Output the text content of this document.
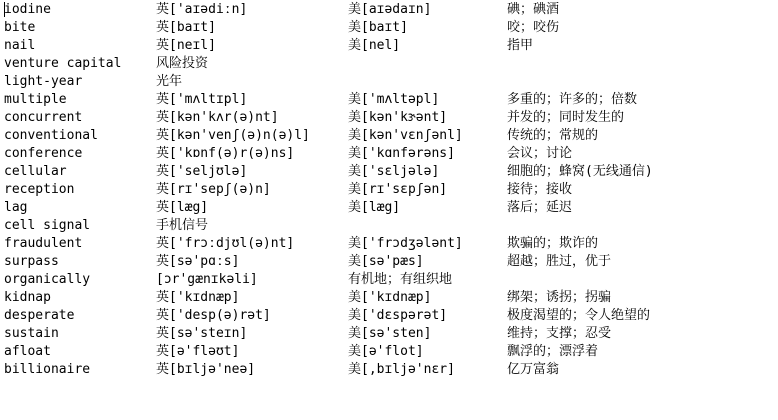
iodine	英['aɪədiːn]	美[aɪədaɪn]	碘；碘酒
bite	英[baɪt]	美[baɪt]	咬；咬伤
nail	英[neɪl]	美[nel]	指甲
venture capital	风险投资
light-year	光年
multiple	英['mʌltɪpl]	美['mʌltəpl]	多重的；许多的；倍数
concurrent	英[kən'kʌr(ə)nt]	美[kən'kɝənt]	并发的；同时发生的
conventional	英[kən'venʃ(ə)n(ə)l]	美[kən'vɛnʃənl]	传统的；常规的
conference	英['kɒnf(ə)r(ə)ns]	美['kɑnfərəns]	会议；讨论
cellular	英['seljʊlə]	美['sɛljələ]	细胞的；蜂窝(无线通信)
reception	英[rɪ'sepʃ(ə)n]	美[rɪ'sɛpʃən]	接待；接收
lag	英[læg]	美[læg]	落后；延迟
cell signal	手机信号
fraudulent	英['frɔːdjʊl(ə)nt]	美['frɔdʒələnt]	欺骗的；欺诈的
surpass	英[sə'pɑːs]	美[sə'pæs]	超越；胜过，优于
organically	[ɔr'gænɪkəli]	有机地；有组织地
kidnap	英['kɪdnæp]	美['kɪdnæp]	绑架；诱拐；拐骗
desperate	英['desp(ə)rət]	美['dɛspərət]	极度渴望的；令人绝望的
sustain	英[sə'steɪn]	美[sə'sten]	维持；支撑；忍受
afloat	英[ə'fləʊt]	美[ə'flot]	飘浮的；漂浮着
billionaire	英[bɪljə'neə]	美[,bɪljə'nɛr]	亿万富翁
